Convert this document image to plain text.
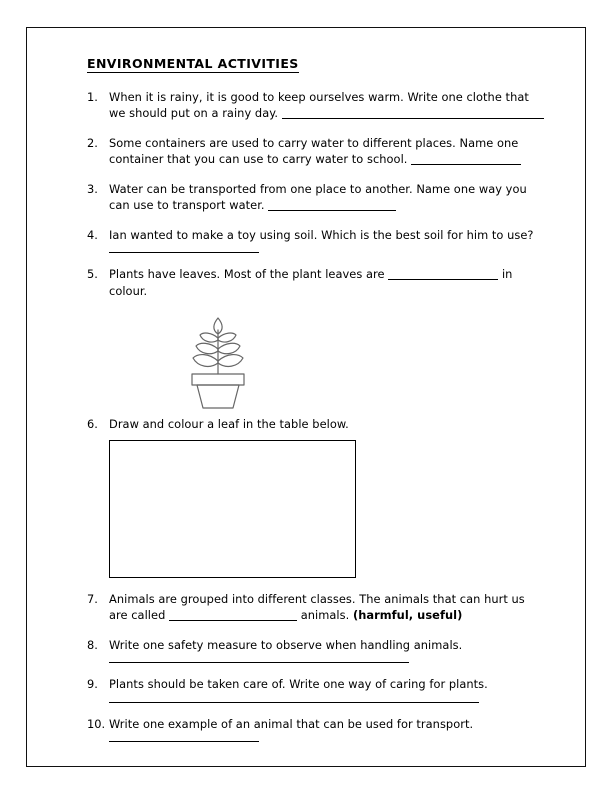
ENVIRONMENTAL ACTIVITIES
1. When it is rainy, it is good to keep ourselves warm. Write one clothe that we should put on a rainy day.
2. Some containers are used to carry water to different places. Name one container that you can use to carry water to school.
3. Water can be transported from one place to another. Name one way you can use to transport water.
4. Ian wanted to make a toy using soil. Which is the best soil for him to use?
5. Plants have leaves. Most of the plant leaves are	in colour.
6. Draw and colour a leaf in the table below.
7. Animals are grouped into different classes. The animals that can hurt us are called	animals. (harmful, useful)
8. Write one safety measure to observe when handling animals.
9. Plants should be taken care of. Write one way of caring for plants.
10. Write one example of an animal that can be used for transport.
